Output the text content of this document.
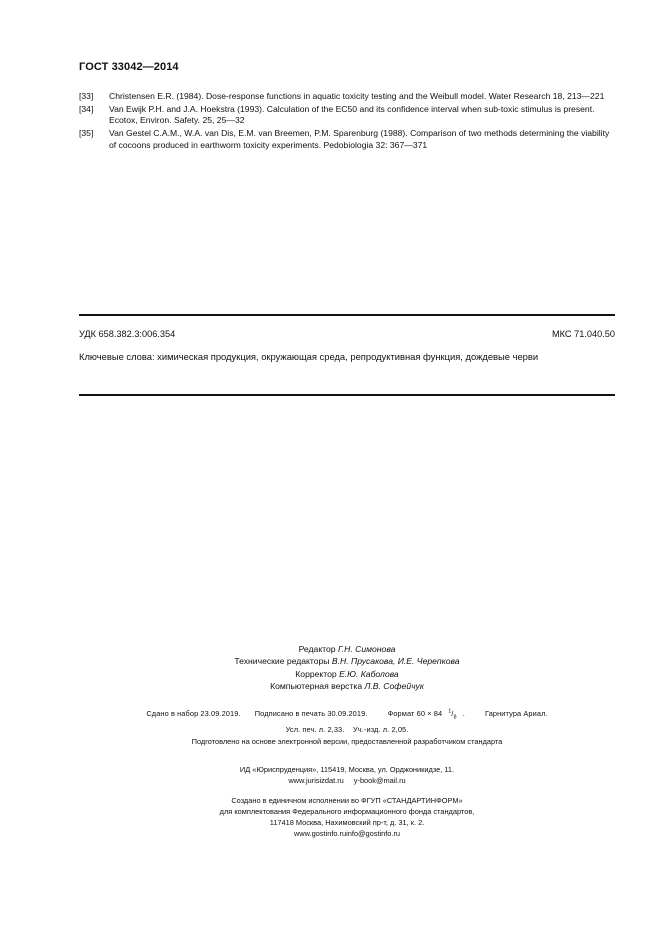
ГОСТ 33042—2014
[33]	Christensen E.R. (1984). Dose-response functions in aquatic toxicity testing and the Weibull model. Water Research 18, 213—221
[34]	Van Ewijk P.H. and J.A. Hoekstra (1993). Calculation of the EC50 and its confidence interval when sub-toxic stimulus is present. Ecotox, Environ. Safety. 25, 25—32
[35]	Van Gestel C.A.M., W.A. van Dis, E.M. van Breemen, P.M. Sparenburg (1988). Comparison of two methods determining the viability of cocoons produced in earthworm toxicity experiments. Pedobiologia 32: 367—371
УДК 658.382.3:006.354	МКС 71.040.50
Ключевые слова: химическая продукция, окружающая среда, репродуктивная функция, дождевые черви
Редактор Г.Н. Симонова
Технические редакторы В.Н. Прусакова, И.Е. Черепкова
Корректор Е.Ю. Каболова
Компьютерная верстка Л.В. Софейчук
Сдано в набор 23.09.2019. Подписано в печать 30.09.2019.	Формат 60 × 84 $^1/_8$ .	Гарнитура Ариал.
Усл. печ. л. 2,33. Уч.-изд. л. 2,05.
Подготовлено на основе электронной версии, предоставленной разработчиком стандарта
ИД «Юриспруденция», 115419, Москва, ул. Орджоникидзе, 11.
www.jurisizdat.ru y-book@mail.ru
Создано в единичном исполнении во ФГУП «СТАНДАРТИНФОРМ»
для комплектования Федерального информационного фонда стандартов,
117418 Москва, Нахимовский пр-т, д. 31, к. 2.
www.gostinfo.ruinfo@gostinfo.ru
